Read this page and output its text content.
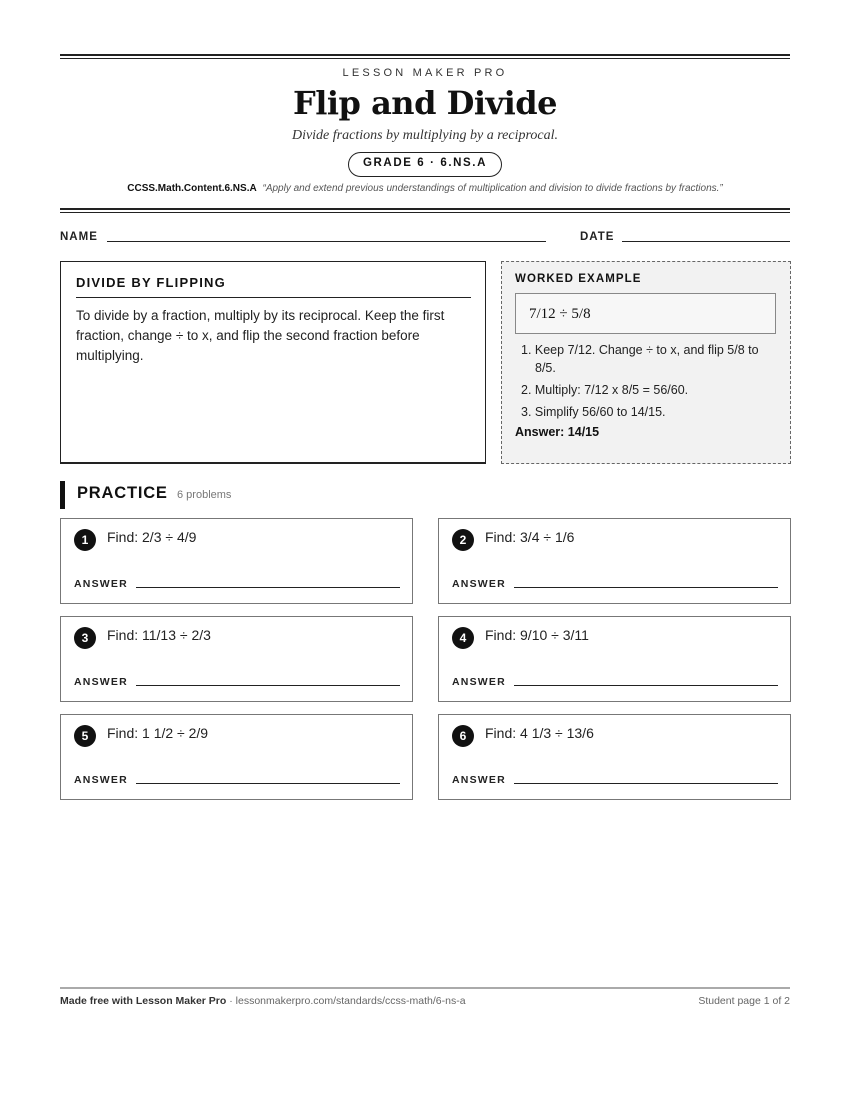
LESSON MAKER PRO
Flip and Divide
Divide fractions by multiplying by a reciprocal.
GRADE 6 · 6.NS.A
CCSS.Math.Content.6.NS.A “Apply and extend previous understandings of multiplication and division to divide fractions by fractions.”
NAME	DATE
DIVIDE BY FLIPPING
To divide by a fraction, multiply by its reciprocal. Keep the first fraction, change ÷ to x, and flip the second fraction before multiplying.
WORKED EXAMPLE
7/12 ÷ 5/8
1. Keep 7/12. Change ÷ to x, and flip 5/8 to 8/5.
2. Multiply: 7/12 x 8/5 = 56/60.
3. Simplify 56/60 to 14/15.
Answer: 14/15
PRACTICE 6 problems
1	Find: 2/3 ÷ 4/9
ANSWER
2	Find: 3/4 ÷ 1/6
ANSWER
3	Find: 11/13 ÷ 2/3
ANSWER
4	Find: 9/10 ÷ 3/11
ANSWER
5	Find: 1 1/2 ÷ 2/9
ANSWER
6	Find: 4 1/3 ÷ 13/6
ANSWER
Made free with Lesson Maker Pro · lessonmakerpro.com/standards/ccss-math/6-ns-a	Student page 1 of 2
